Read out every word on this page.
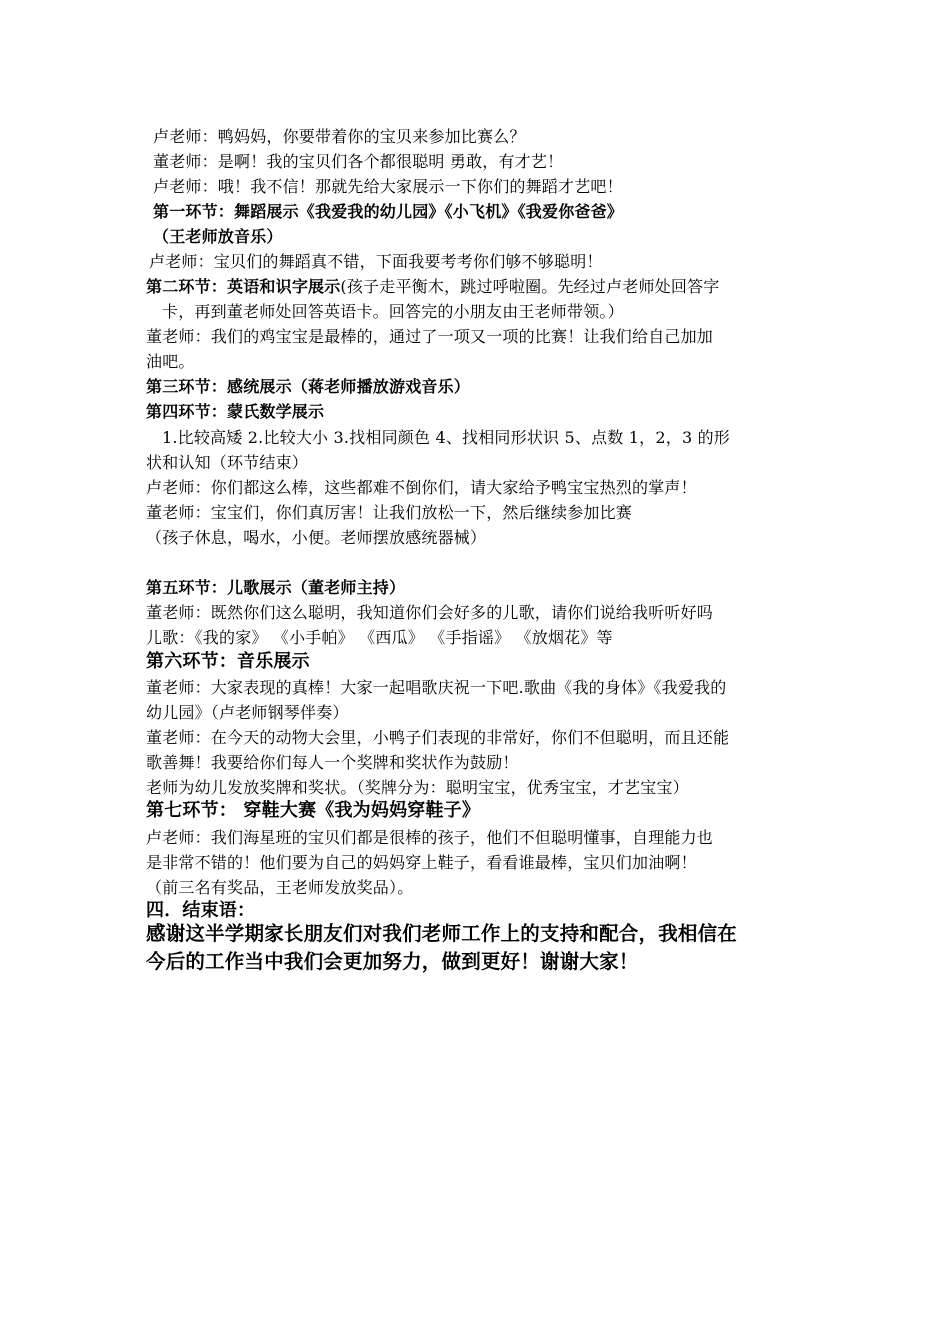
卢老师：鸭妈妈，你要带着你的宝贝来参加比赛么？
董老师：是啊！我的宝贝们各个都很聪明 勇敢，有才艺！
卢老师：哦！我不信！那就先给大家展示一下你们的舞蹈才艺吧！
第一环节：舞蹈展示《我爱我的幼儿园》《小飞机》《我爱你爸爸》
（王老师放音乐）
卢老师：宝贝们的舞蹈真不错，下面我要考考你们够不够聪明！
第二环节：英语和识字展示(孩子走平衡木，跳过呼啦圈。先经过卢老师处回答字
卡，再到董老师处回答英语卡。回答完的小朋友由王老师带领。）
董老师：我们的鸡宝宝是最棒的，通过了一项又一项的比赛！让我们给自己加加
油吧。
第三环节：感统展示（蒋老师播放游戏音乐）
第四环节：蒙氏数学展示
1.比较高矮 2.比较大小 3.找相同颜色 4、找相同形状识 5、点数 1，2，3 的形
状和认知（环节结束）
卢老师：你们都这么棒，这些都难不倒你们，请大家给予鸭宝宝热烈的掌声！
董老师：宝宝们，你们真厉害！让我们放松一下，然后继续参加比赛
（孩子休息，喝水，小便。老师摆放感统器械）
第五环节：儿歌展示（董老师主持）
董老师：既然你们这么聪明，我知道你们会好多的儿歌，请你们说给我听听好吗
儿歌：《我的家》 《小手帕》 《西瓜》 《手指谣》 《放烟花》等
第六环节：音乐展示
董老师：大家表现的真棒！大家一起唱歌庆祝一下吧.歌曲《我的身体》《我爱我的
幼儿园》（卢老师钢琴伴奏）
董老师：在今天的动物大会里，小鸭子们表现的非常好，你们不但聪明，而且还能
歌善舞！我要给你们每人一个奖牌和奖状作为鼓励！
老师为幼儿发放奖牌和奖状。（奖牌分为：聪明宝宝，优秀宝宝，才艺宝宝）
第七环节： 穿鞋大赛《我为妈妈穿鞋子》
卢老师：我们海星班的宝贝们都是很棒的孩子，他们不但聪明懂事，自理能力也
是非常不错的！他们要为自己的妈妈穿上鞋子，看看谁最棒，宝贝们加油啊！
（前三名有奖品，王老师发放奖品）。
四．结束语：
感谢这半学期家长朋友们对我们老师工作上的支持和配合，我相信在
今后的工作当中我们会更加努力，做到更好！谢谢大家！
